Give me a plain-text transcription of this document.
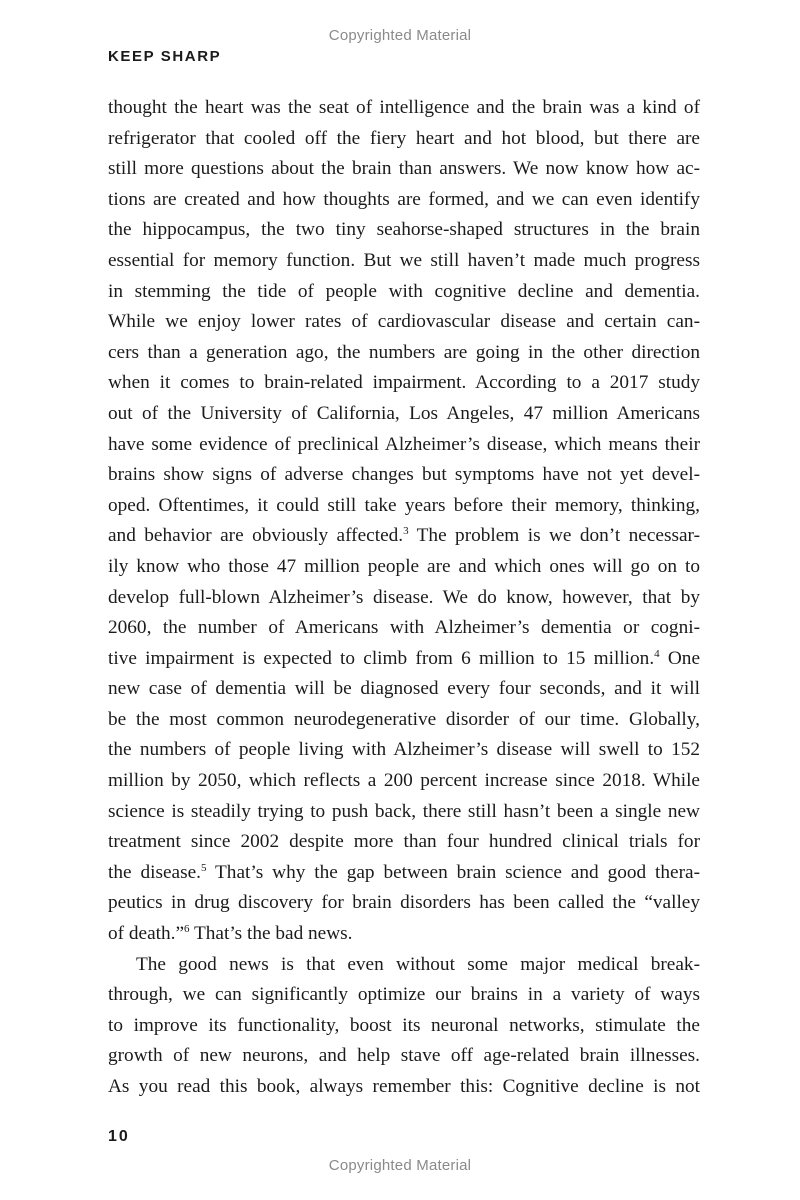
Copyrighted Material
KEEP SHARP
thought the heart was the seat of intelligence and the brain was a kind of
refrigerator that cooled off the fiery heart and hot blood, but there are
still more questions about the brain than answers. We now know how ac-
tions are created and how thoughts are formed, and we can even identify
the hippocampus, the two tiny seahorse-shaped structures in the brain
essential for memory function. But we still haven’t made much progress
in stemming the tide of people with cognitive decline and dementia.
While we enjoy lower rates of cardiovascular disease and certain can-
cers than a generation ago, the numbers are going in the other direction
when it comes to brain-related impairment. According to a 2017 study
out of the University of California, Los Angeles, 47 million Americans
have some evidence of preclinical Alzheimer’s disease, which means their
brains show signs of adverse changes but symptoms have not yet devel-
oped. Oftentimes, it could still take years before their memory, thinking,
and behavior are obviously affected.$^3$ The problem is we don’t necessar-
ily know who those 47 million people are and which ones will go on to
develop full-blown Alzheimer’s disease. We do know, however, that by
2060, the number of Americans with Alzheimer’s dementia or cogni-
tive impairment is expected to climb from 6 million to 15 million.$^4$ One
new case of dementia will be diagnosed every four seconds, and it will
be the most common neurodegenerative disorder of our time. Globally,
the numbers of people living with Alzheimer’s disease will swell to 152
million by 2050, which reflects a 200 percent increase since 2018. While
science is steadily trying to push back, there still hasn’t been a single new
treatment since 2002 despite more than four hundred clinical trials for
the disease.$^5$ That’s why the gap between brain science and good thera-
peutics in drug discovery for brain disorders has been called the “valley
of death.”$^6$ That’s the bad news.
The good news is that even without some major medical break-
through, we can significantly optimize our brains in a variety of ways
to improve its functionality, boost its neuronal networks, stimulate the
growth of new neurons, and help stave off age-related brain illnesses.
As you read this book, always remember this: Cognitive decline is not
10
Copyrighted Material
